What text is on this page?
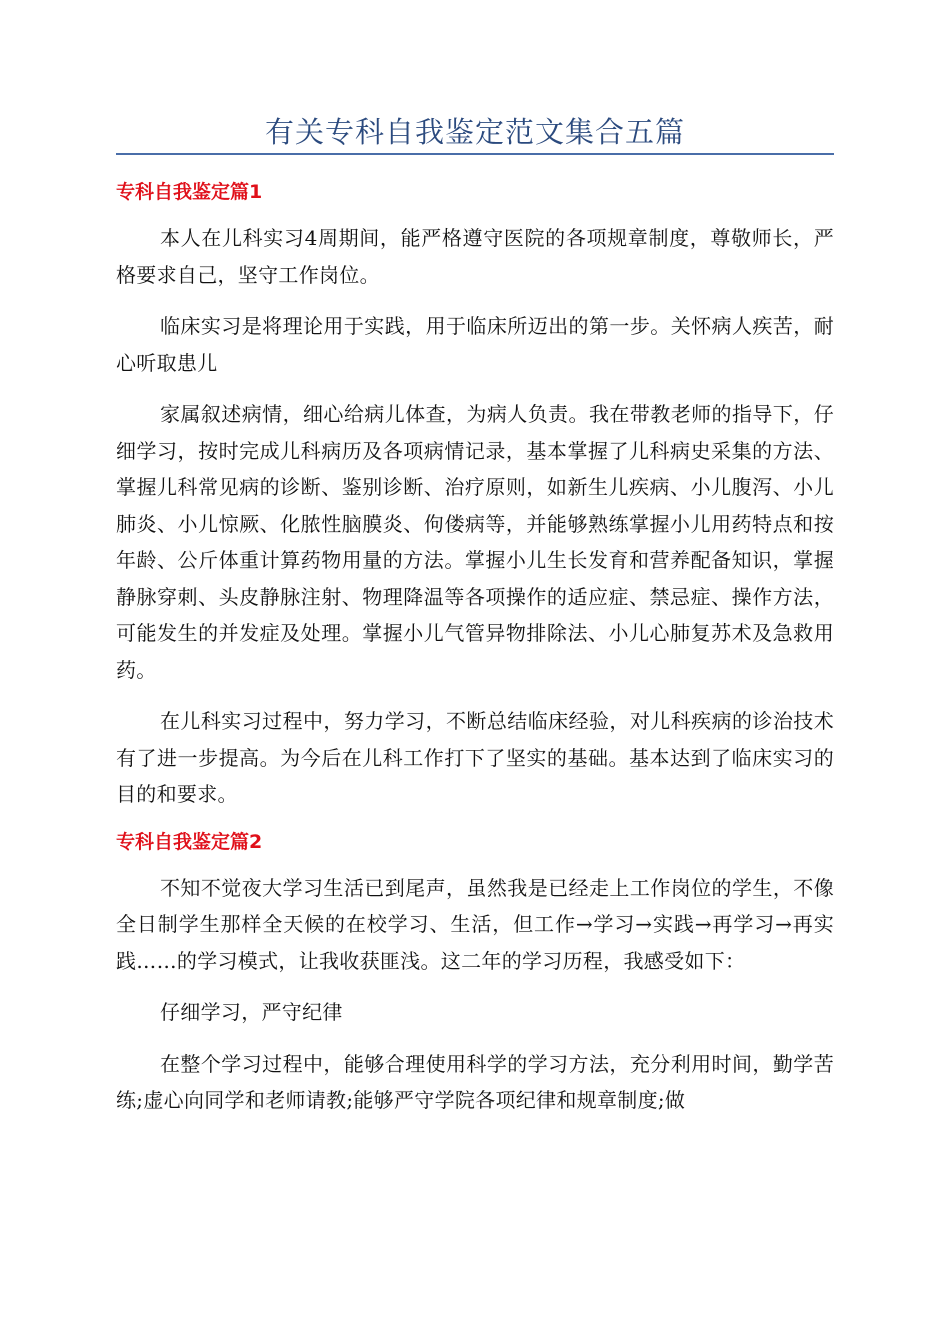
有关专科自我鉴定范文集合五篇
专科自我鉴定篇1

本人在儿科实习4周期间，能严格遵守医院的各项规章制度，尊敬师长，严格要求自己，坚守工作岗位。

临床实习是将理论用于实践，用于临床所迈出的第一步。关怀病人疾苦，耐心听取患儿

家属叙述病情，细心给病儿体查，为病人负责。我在带教老师的指导下，仔细学习，按时完成儿科病历及各项病情记录，基本掌握了儿科病史采集的方法、掌握儿科常见病的诊断、鉴别诊断、治疗原则，如新生儿疾病、小儿腹泻、小儿肺炎、小儿惊厥、化脓性脑膜炎、佝偻病等，并能够熟练掌握小儿用药特点和按年龄、公斤体重计算药物用量的方法。掌握小儿生长发育和营养配备知识，掌握静脉穿刺、头皮静脉注射、物理降温等各项操作的适应症、禁忌症、操作方法，可能发生的并发症及处理。掌握小儿气管异物排除法、小儿心肺复苏术及急救用药。

在儿科实习过程中，努力学习，不断总结临床经验，对儿科疾病的诊治技术有了进一步提高。为今后在儿科工作打下了坚实的基础。基本达到了临床实习的目的和要求。

专科自我鉴定篇2

不知不觉夜大学习生活已到尾声，虽然我是已经走上工作岗位的学生，不像全日制学生那样全天候的在校学习、生活，但工作→学习→实践→再学习→再实践……的学习模式，让我收获匪浅。这二年的学习历程，我感受如下：

仔细学习，严守纪律

在整个学习过程中，能够合理使用科学的学习方法，充分利用时间，勤学苦练;虚心向同学和老师请教;能够严守学院各项纪律和规章制度;做
